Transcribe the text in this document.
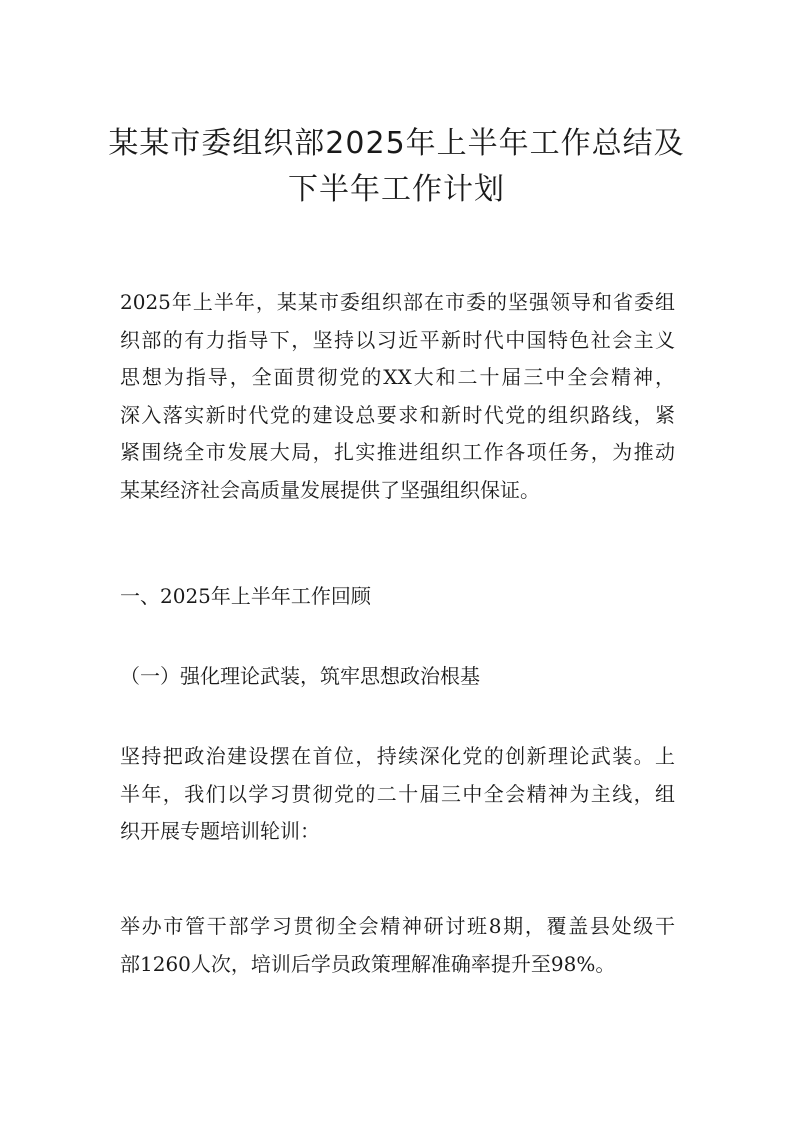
某某市委组织部2025年上半年工作总结及
下半年工作计划
2025年上半年，某某市委组织部在市委的坚强领导和省委组
织部的有力指导下，坚持以习近平新时代中国特色社会主义
思想为指导，全面贯彻党的XX大和二十届三中全会精神，
深入落实新时代党的建设总要求和新时代党的组织路线，紧
紧围绕全市发展大局，扎实推进组织工作各项任务，为推动
某某经济社会高质量发展提供了坚强组织保证。
一、2025年上半年工作回顾
（一）强化理论武装，筑牢思想政治根基
坚持把政治建设摆在首位，持续深化党的创新理论武装。上
半年，我们以学习贯彻党的二十届三中全会精神为主线，组
织开展专题培训轮训：
举办市管干部学习贯彻全会精神研讨班8期，覆盖县处级干
部1260人次，培训后学员政策理解准确率提升至98%。
